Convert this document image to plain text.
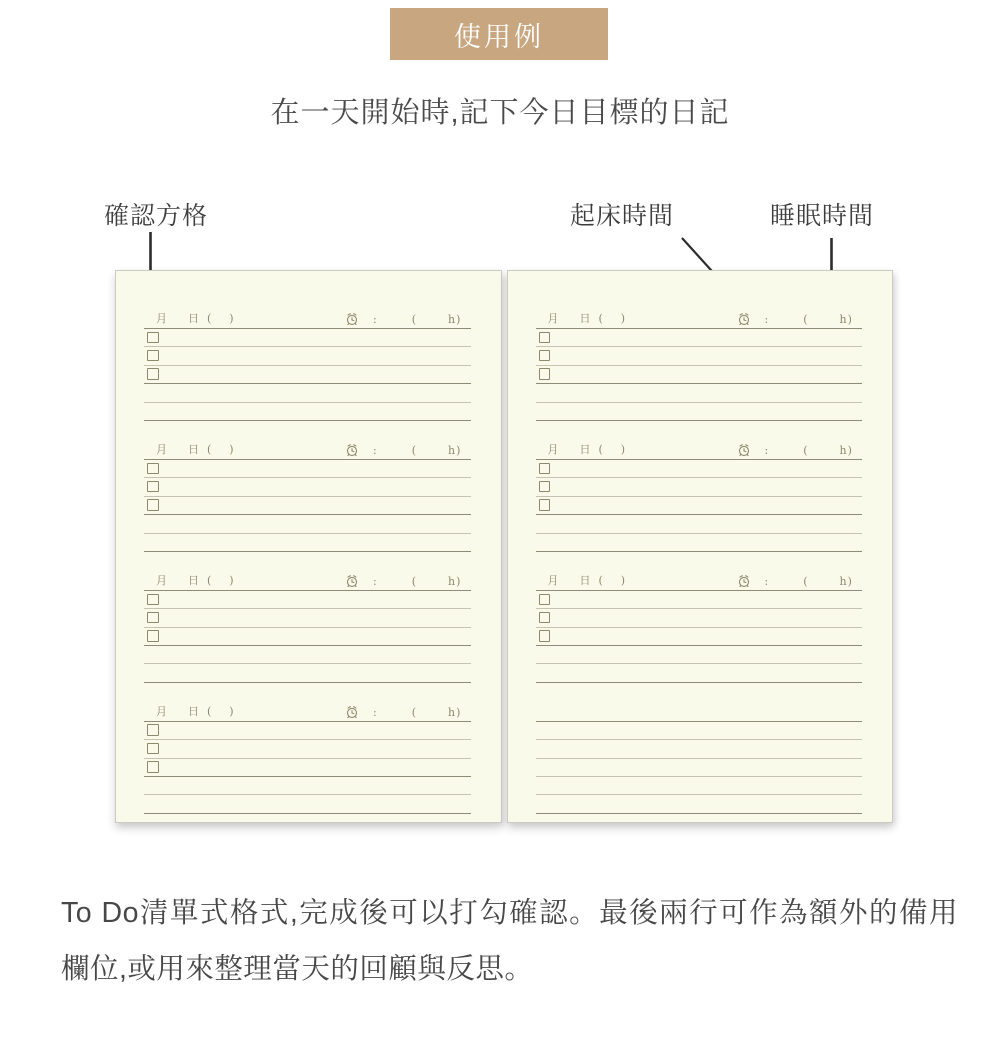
使用例
在一天開始時,記下今日目標的日記
確認方格	起床時間	睡眠時間
月 日 ( )	:	(	h )
月 日 ( )	:	(	h )
月 日 ( )	:	(	h )
月 日 ( )	:	(	h )
月 日 ( )	:	(	h )
月 日 ( )	:	(	h )
月 日 ( )	:	(	h )

To Do清單式格式,完成後可以打勾確認。最後兩行可作為額外的備用欄位,或用來整理當天的回顧與反思。
